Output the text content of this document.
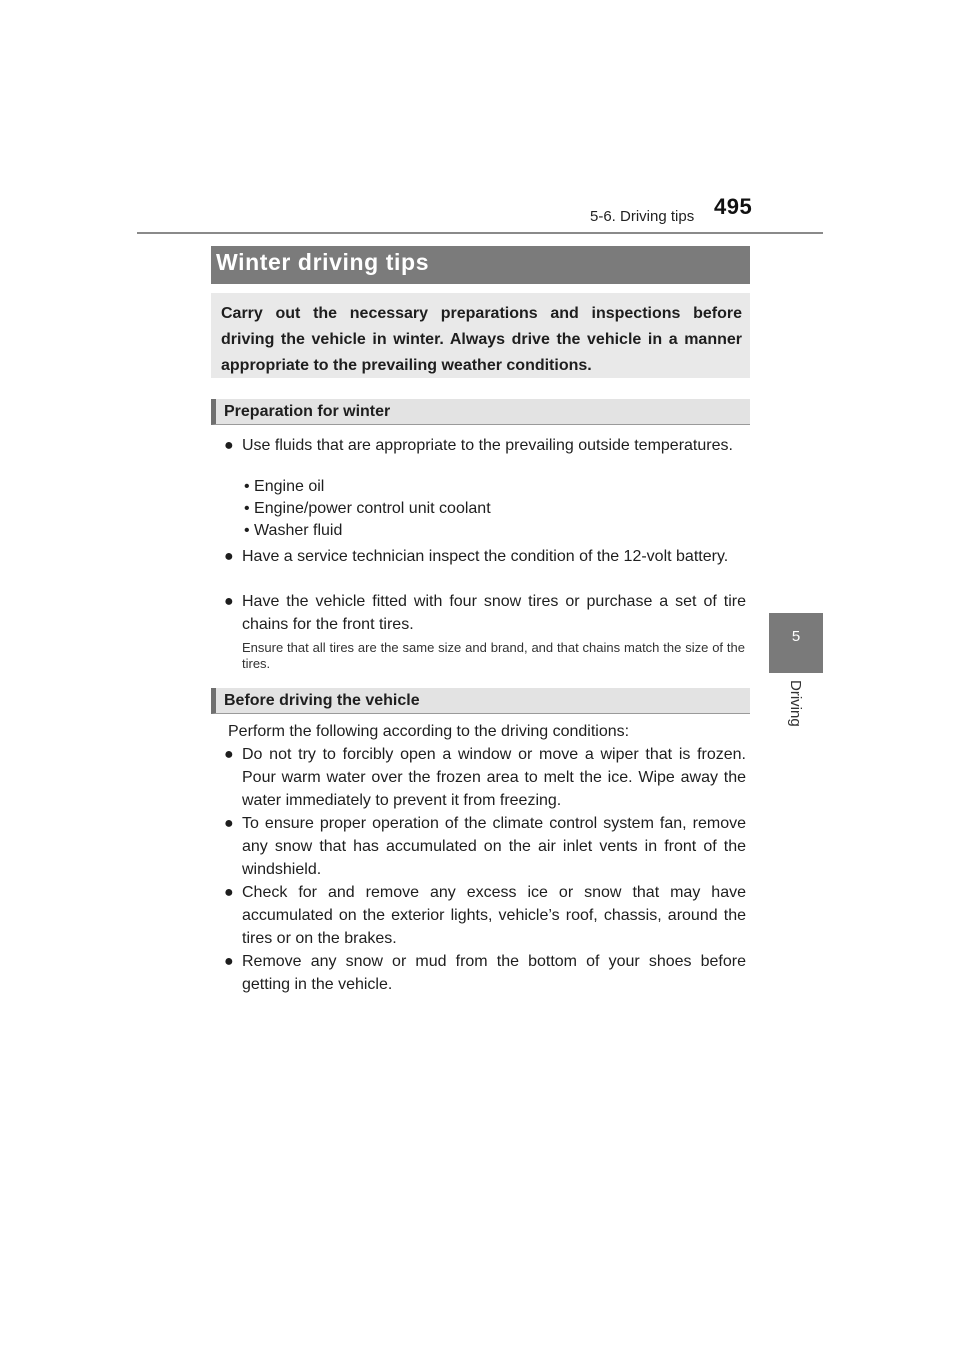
5-6. Driving tips 495
5
Driving
Winter driving tips

Carry out the necessary preparations and inspections before driving the vehicle in winter. Always drive the vehicle in a manner appropriate to the prevailing weather conditions.

Preparation for winter
● Use fluids that are appropriate to the prevailing outside temperatures.

• Engine oil
• Engine/power control unit coolant
• Washer fluid
● Have a service technician inspect the condition of the 12-volt battery.

● Have the vehicle fitted with four snow tires or purchase a set of tire chains for the front tires.

Ensure that all tires are the same size and brand, and that chains match the size of the tires.
Before driving the vehicle
Perform the following according to the driving conditions:
● Do not try to forcibly open a window or move a wiper that is frozen. Pour warm water over the frozen area to melt the ice. Wipe away the water immediately to prevent it from freezing.

● To ensure proper operation of the climate control system fan, remove any snow that has accumulated on the air inlet vents in front of the windshield.

● Check for and remove any excess ice or snow that may have accumulated on the exterior lights, vehicle’s roof, chassis, around the tires or on the brakes.

● Remove any snow or mud from the bottom of your shoes before getting in the vehicle.
